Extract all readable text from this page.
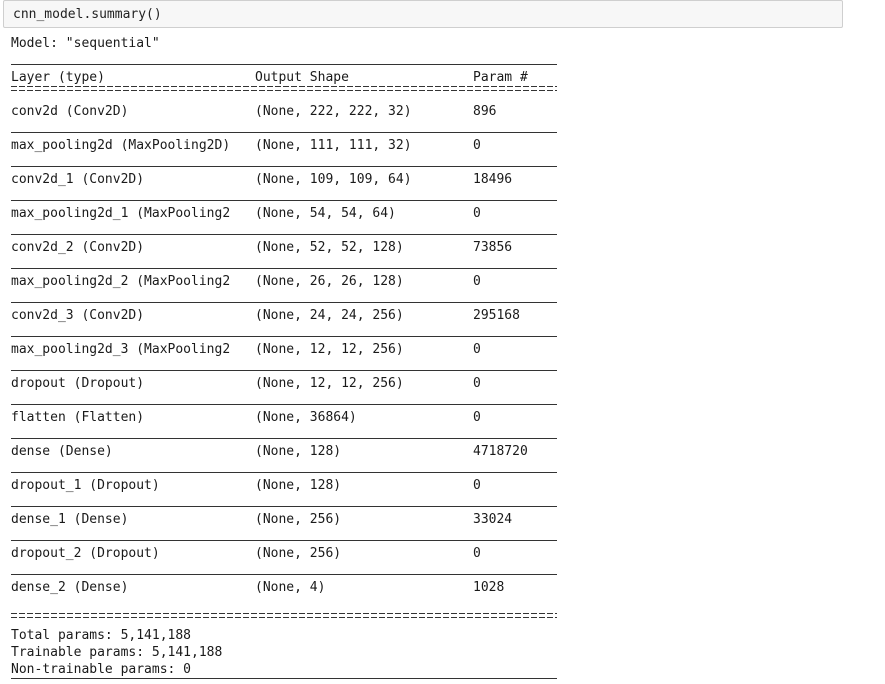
cnn_model.summary()
Model: "sequential"
Layer (type)	Output Shape	Param #
conv2d (Conv2D)	(None, 222, 222, 32)	896
max_pooling2d (MaxPooling2D) (None, 111, 111, 32)	0
conv2d_1 (Conv2D)	(None, 109, 109, 64)	18496
max_pooling2d_1 (MaxPooling2 (None, 54, 54, 64)	0
conv2d_2 (Conv2D)	(None, 52, 52, 128)	73856
max_pooling2d_2 (MaxPooling2 (None, 26, 26, 128)	0
conv2d_3 (Conv2D)	(None, 24, 24, 256)	295168
max_pooling2d_3 (MaxPooling2 (None, 12, 12, 256)	0
dropout (Dropout)	(None, 12, 12, 256)	0
flatten (Flatten)	(None, 36864)	0
dense (Dense)	(None, 128)	4718720
dropout_1 (Dropout)	(None, 128)	0
dense_1 (Dense)	(None, 256)	33024
dropout_2 (Dropout)	(None, 256)	0
dense_2 (Dense)	(None, 4)	1028
Total params: 5,141,188
Trainable params: 5,141,188
Non-trainable params: 0
